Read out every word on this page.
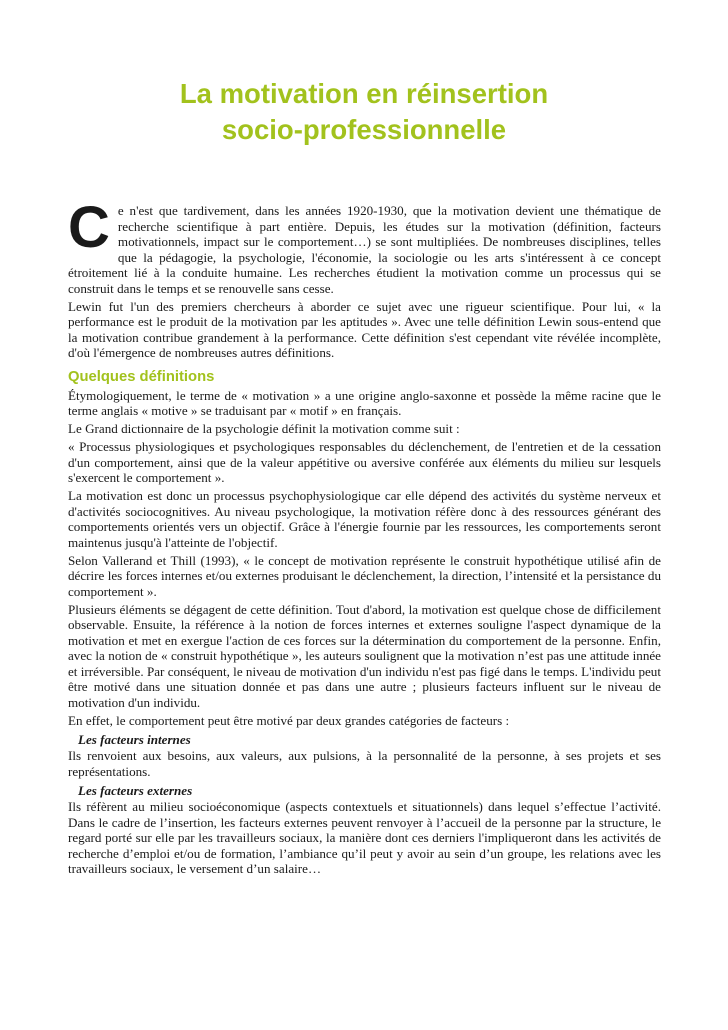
La motivation en réinsertion
socio-professionnelle

Ce n'est que tardivement, dans les années 1920-1930, que la motivation devient une thématique de recherche scientifique à part entière. Depuis, les études sur la motivation (définition, facteurs motivationnels, impact sur le comportement…) se sont multipliées. De nombreuses disciplines, telles que la pédagogie, la psychologie, l'économie, la sociologie ou les arts s'intéressent à ce concept étroitement lié à la conduite humaine. Les recherches étudient la motivation comme un processus qui se construit dans le temps et se renouvelle sans cesse.

Lewin fut l'un des premiers chercheurs à aborder ce sujet avec une rigueur scientifique. Pour lui, « la performance est le produit de la motivation par les aptitudes ». Avec une telle définition Lewin sous-entend que la motivation contribue grandement à la performance. Cette définition s'est cependant vite révélée incomplète, d'où l'émergence de nombreuses autres définitions.

Quelques définitions

Étymologiquement, le terme de « motivation » a une origine anglo-saxonne et possède la même racine que le terme anglais « motive » se traduisant par « motif » en français.

Le Grand dictionnaire de la psychologie définit la motivation comme suit :

« Processus physiologiques et psychologiques responsables du déclenchement, de l'entretien et de la cessation d'un comportement, ainsi que de la valeur appétitive ou aversive conférée aux éléments du milieu sur lesquels s'exercent le comportement ».

La motivation est donc un processus psychophysiologique car elle dépend des activités du système nerveux et d'activités sociocognitives. Au niveau psychologique, la motivation réfère donc à des ressources générant des comportements orientés vers un objectif. Grâce à l'énergie fournie par les ressources, les comportements seront maintenus jusqu'à l'atteinte de l'objectif.

Selon Vallerand et Thill (1993), « le concept de motivation représente le construit hypothétique utilisé afin de décrire les forces internes et/ou externes produisant le déclenchement, la direction, l’intensité et la persistance du comportement ».

Plusieurs éléments se dégagent de cette définition. Tout d'abord, la motivation est quelque chose de difficilement observable. Ensuite, la référence à la notion de forces internes et externes souligne l'aspect dynamique de la motivation et met en exergue l'action de ces forces sur la détermination du comportement de la personne. Enfin, avec la notion de « construit hypothétique », les auteurs soulignent que la motivation n’est pas une attitude innée et irréversible. Par conséquent, le niveau de motivation d'un individu n'est pas figé dans le temps. L'individu peut être motivé dans une situation donnée et pas dans une autre ; plusieurs facteurs influent sur le niveau de motivation d'un individu.

En effet, le comportement peut être motivé par deux grandes catégories de facteurs :

Les facteurs internes

Ils renvoient aux besoins, aux valeurs, aux pulsions, à la personnalité de la personne, à ses projets et ses représentations.

Les facteurs externes

Ils réfèrent au milieu socioéconomique (aspects contextuels et situationnels) dans lequel s’effectue l’activité. Dans le cadre de l’insertion, les facteurs externes peuvent renvoyer à l’accueil de la personne par la structure, le regard porté sur elle par les travailleurs sociaux, la manière dont ces derniers l'impliqueront dans les activités de recherche d’emploi et/ou de formation, l’ambiance qu’il peut y avoir au sein d’un groupe, les relations avec les travailleurs sociaux, le versement d’un salaire…
